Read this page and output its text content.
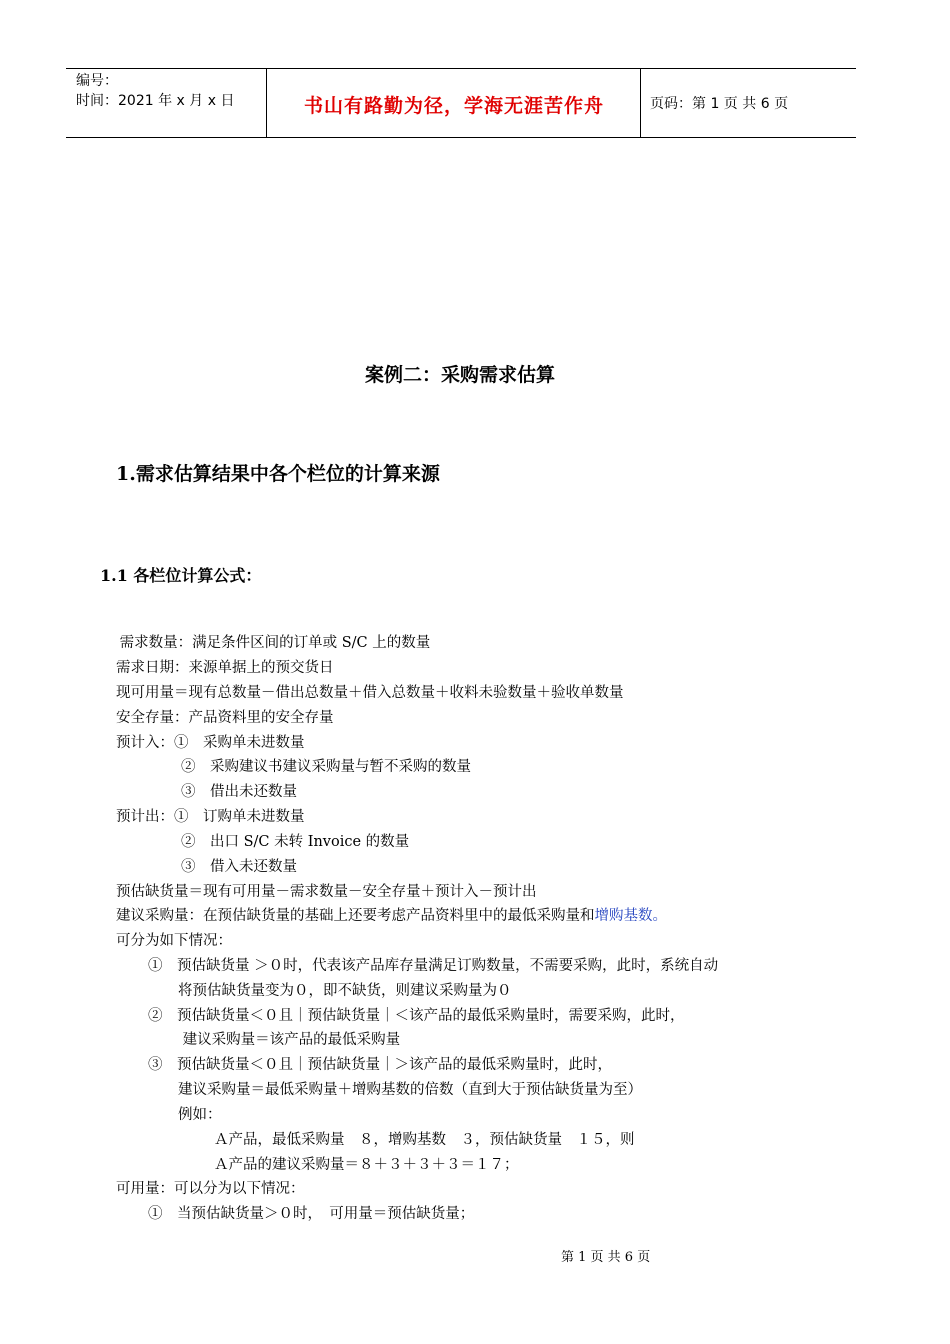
编号：
时间：2021 年 x 月 x 日	书山有路勤为径，学海无涯苦作舟	页码：第 1 页 共 6 页
案例二：采购需求估算
1.需求估算结果中各个栏位的计算来源
1.1 各栏位计算公式：
需求数量：满足条件区间的订单或 S/C 上的数量
需求日期：来源单据上的预交货日
现可用量＝现有总数量－借出总数量＋借入总数量＋收料未验数量＋验收单数量
安全存量：产品资料里的安全存量
预计入：①　采购单未进数量
②　采购建议书建议采购量与暂不采购的数量
③　借出未还数量
预计出：①　订购单未进数量
②　出口 S/C 未转 Invoice 的数量
③　借入未还数量
预估缺货量＝现有可用量－需求数量－安全存量＋预计入－预计出
建议采购量：在预估缺货量的基础上还要考虑产品资料里中的最低采购量和增购基数。
可分为如下情况：
①　预估缺货量 ＞０时，代表该产品库存量满足订购数量，不需要采购，此时，系统自动
将预估缺货量变为０，即不缺货，则建议采购量为０
②　预估缺货量＜０且｜预估缺货量｜＜该产品的最低采购量时，需要采购，此时，
建议采购量＝该产品的最低采购量
③　预估缺货量＜０且｜预估缺货量｜＞该产品的最低采购量时，此时，
建议采购量＝最低采购量＋增购基数的倍数（直到大于预估缺货量为至）
例如：
Ａ产品，最低采购量　８，增购基数　３，预估缺货量　１５，则
Ａ产品的建议采购量＝８＋３＋３＋３＝１７；
可用量：可以分为以下情况：
①　当预估缺货量＞０时，　可用量＝预估缺货量；
第 1 页 共 6 页
